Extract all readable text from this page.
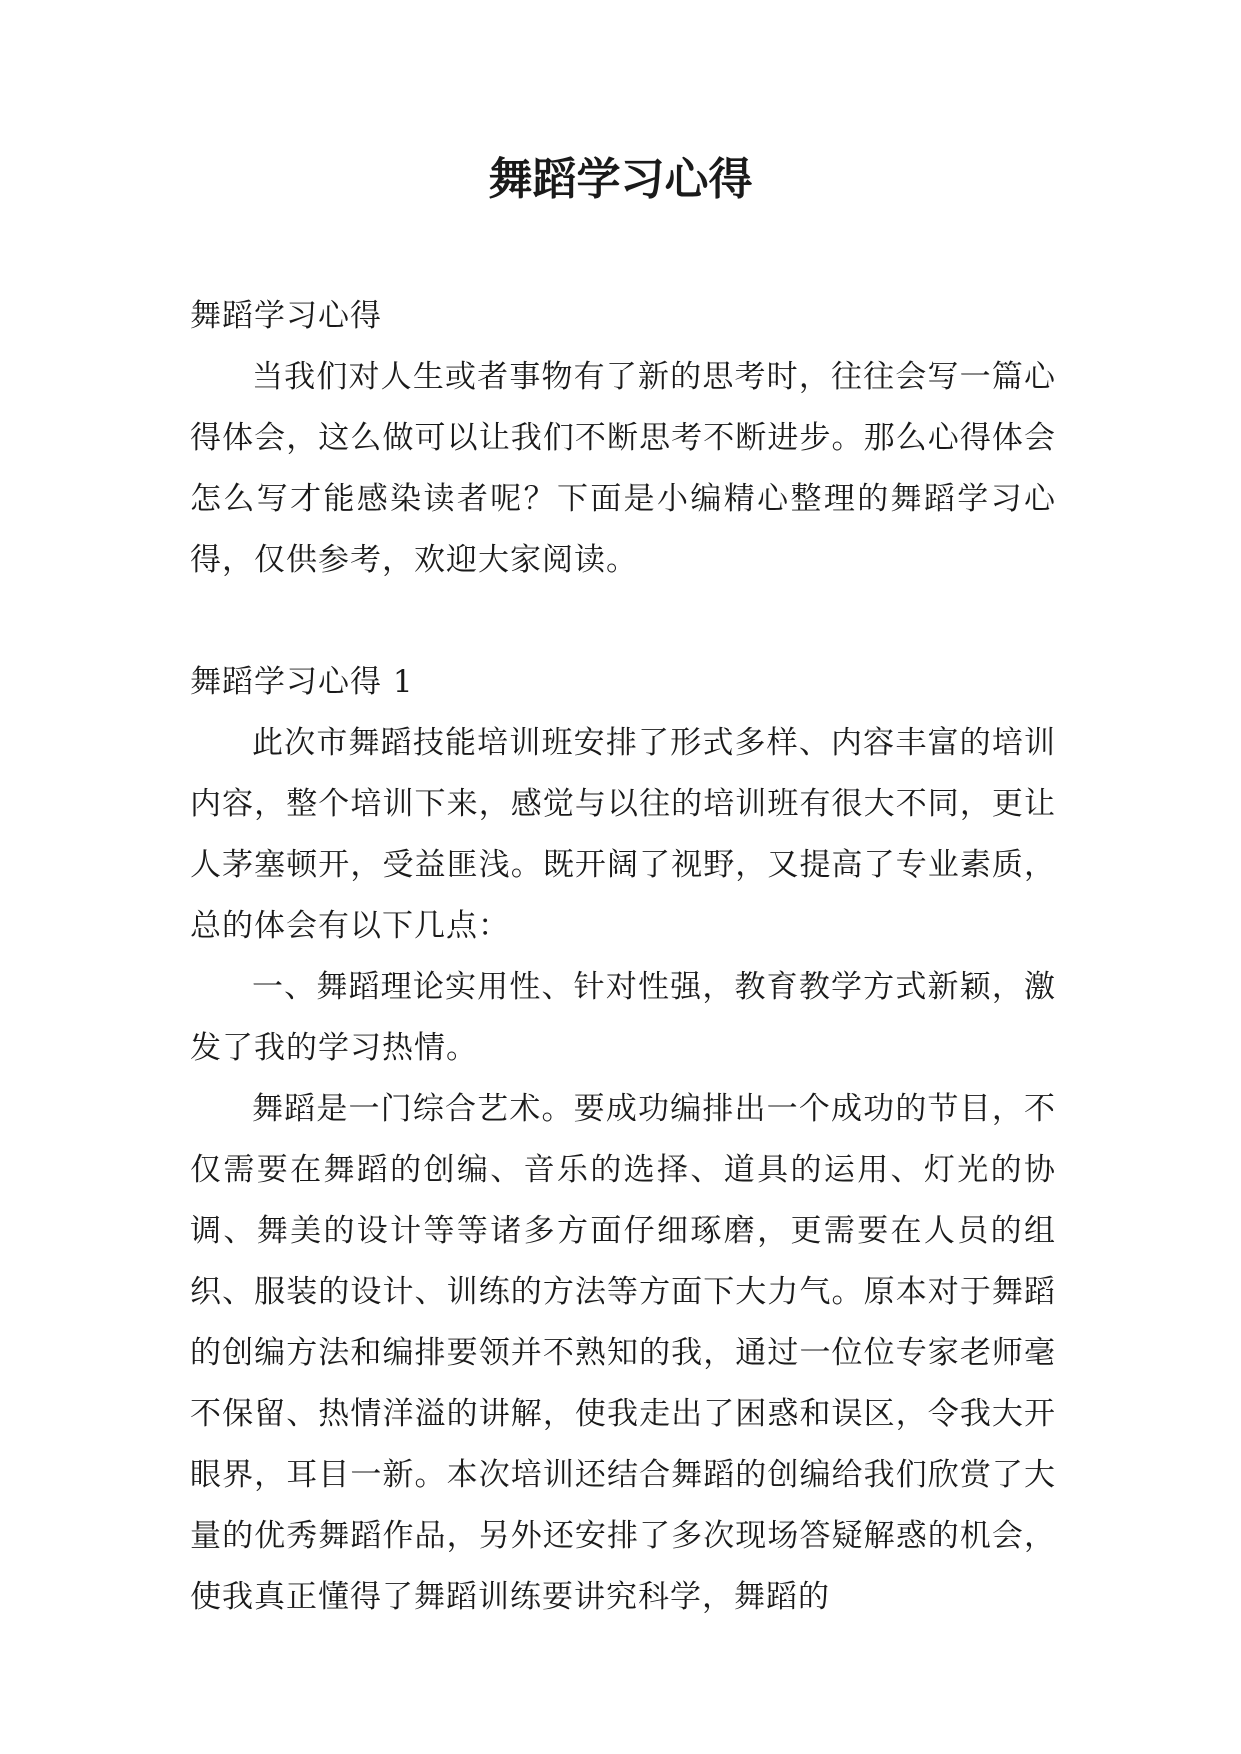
舞蹈学习心得

舞蹈学习心得

当我们对人生或者事物有了新的思考时，往往会写一篇心得体会，这么做可以让我们不断思考不断进步。那么心得体会怎么写才能感染读者呢？下面是小编精心整理的舞蹈学习心得，仅供参考，欢迎大家阅读。

舞蹈学习心得 1

此次市舞蹈技能培训班安排了形式多样、内容丰富的培训内容，整个培训下来，感觉与以往的培训班有很大不同，更让人茅塞顿开，受益匪浅。既开阔了视野，又提高了专业素质，总的体会有以下几点：

一、舞蹈理论实用性、针对性强，教育教学方式新颖，激发了我的学习热情。

舞蹈是一门综合艺术。要成功编排出一个成功的节目，不仅需要在舞蹈的创编、音乐的选择、道具的运用、灯光的协调、舞美的设计等等诸多方面仔细琢磨，更需要在人员的组织、服装的设计、训练的方法等方面下大力气。原本对于舞蹈的创编方法和编排要领并不熟知的我，通过一位位专家老师毫不保留、热情洋溢的讲解，使我走出了困惑和误区，令我大开眼界，耳目一新。本次培训还结合舞蹈的创编给我们欣赏了大量的优秀舞蹈作品，另外还安排了多次现场答疑解惑的机会，使我真正懂得了舞蹈训练要讲究科学，舞蹈的
